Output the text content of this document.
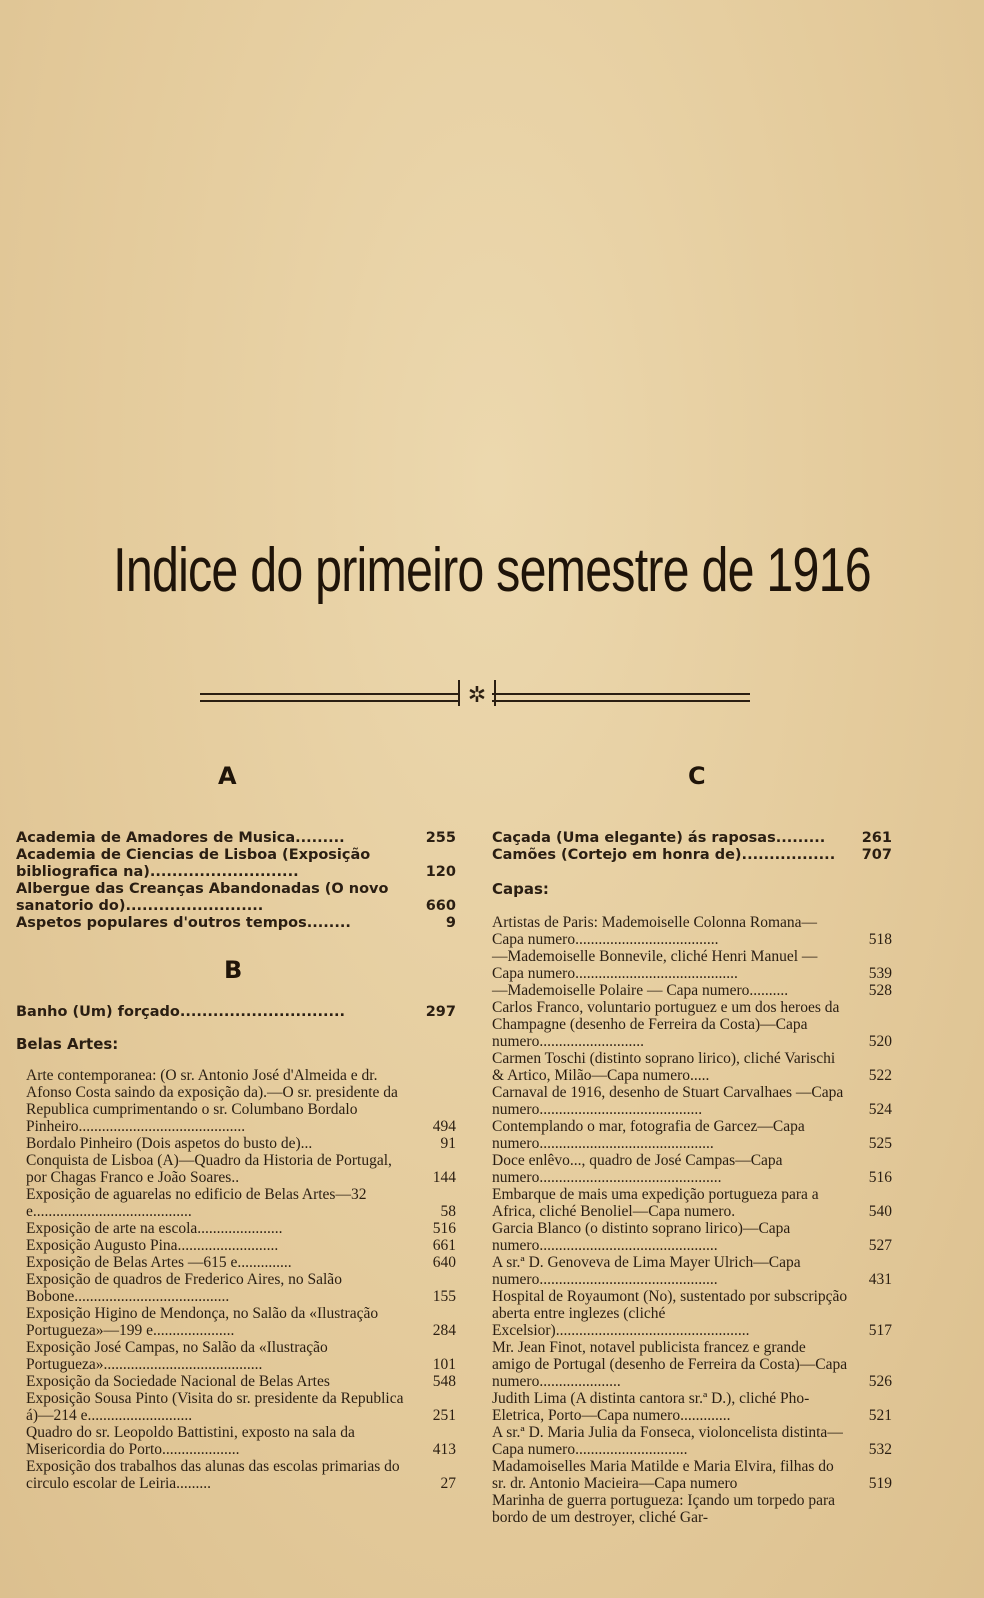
Indice do primeiro semestre de 1916
✲
A	C
Academia de Amadores de Musica.........	255
Academia de Ciencias de Lisboa (Exposição bibliografica na)...........................	120
Albergue das Creanças Abandonadas (O novo sanatorio do).........................	660
Aspetos populares d'outros tempos........	9
B
Banho (Um) forçado..............................	297
Belas Artes:
Arte contemporanea: (O sr. Antonio José d'Almeida e dr. Afonso Costa saindo da exposição da).—O sr. presidente da Republica cumprimentando o sr. Columbano Bordalo Pinheiro...........................................	494
Bordalo Pinheiro (Dois aspetos do busto de)...	91
Conquista de Lisboa (A)—Quadro da Historia de Portugal, por Chagas Franco e João Soares..	144
Exposição de aguarelas no edificio de Belas Artes—32 e.........................................	58
Exposição de arte na escola......................	516
Exposição Augusto Pina..........................	661
Exposição de Belas Artes —615 e..............	640
Exposição de quadros de Frederico Aires, no Salão Bobone........................................	155
Exposição Higino de Mendonça, no Salão da «Ilustração Portugueza»—199 e.....................	284
Exposição José Campas, no Salão da «Ilustração Portugueza».........................................	101
Exposição da Sociedade Nacional de Belas Artes	548
Exposição Sousa Pinto (Visita do sr. presidente da Republica á)—214 e...........................	251
Quadro do sr. Leopoldo Battistini, exposto na sala da Misericordia do Porto....................	413
Exposição dos trabalhos das alunas das escolas primarias do circulo escolar de Leiria.........	27
Caçada (Uma elegante) ás raposas.........	261
Camões (Cortejo em honra de).................	707
Capas:
Artistas de Paris: Mademoiselle Colonna Romana—Capa numero.....................................	518
—Mademoiselle Bonnevile, cliché Henri Manuel —Capa numero..........................................	539
—Mademoiselle Polaire — Capa numero..........	528
Carlos Franco, voluntario portuguez e um dos heroes da Champagne (desenho de Ferreira da Costa)—Capa numero...........................	520
Carmen Toschi (distinto soprano lirico), cliché Varischi & Artico, Milão—Capa numero.....	522
Carnaval de 1916, desenho de Stuart Carvalhaes —Capa numero..........................................	524
Contemplando o mar, fotografia de Garcez—Capa numero.............................................	525
Doce enlêvo..., quadro de José Campas—Capa numero...............................................	516
Embarque de mais uma expedição portugueza para a Africa, cliché Benoliel—Capa numero.	540
Garcia Blanco (o distinto soprano lirico)—Capa numero..............................................	527
A sr.ª D. Genoveva de Lima Mayer Ulrich—Capa numero..............................................	431
Hospital de Royaumont (No), sustentado por subscripção aberta entre inglezes (cliché Excelsior)..................................................	517
Mr. Jean Finot, notavel publicista francez e grande amigo de Portugal (desenho de Ferreira da Costa)—Capa numero.....................	526
Judith Lima (A distinta cantora sr.ª D.), cliché Pho-Eletrica, Porto—Capa numero.............	521
A sr.ª D. Maria Julia da Fonseca, violoncelista distinta—Capa numero.............................	532
Madamoiselles Maria Matilde e Maria Elvira, filhas do sr. dr. Antonio Macieira—Capa numero	519
Marinha de guerra portugueza: Içando um torpedo para bordo de um destroyer, cliché Gar-
